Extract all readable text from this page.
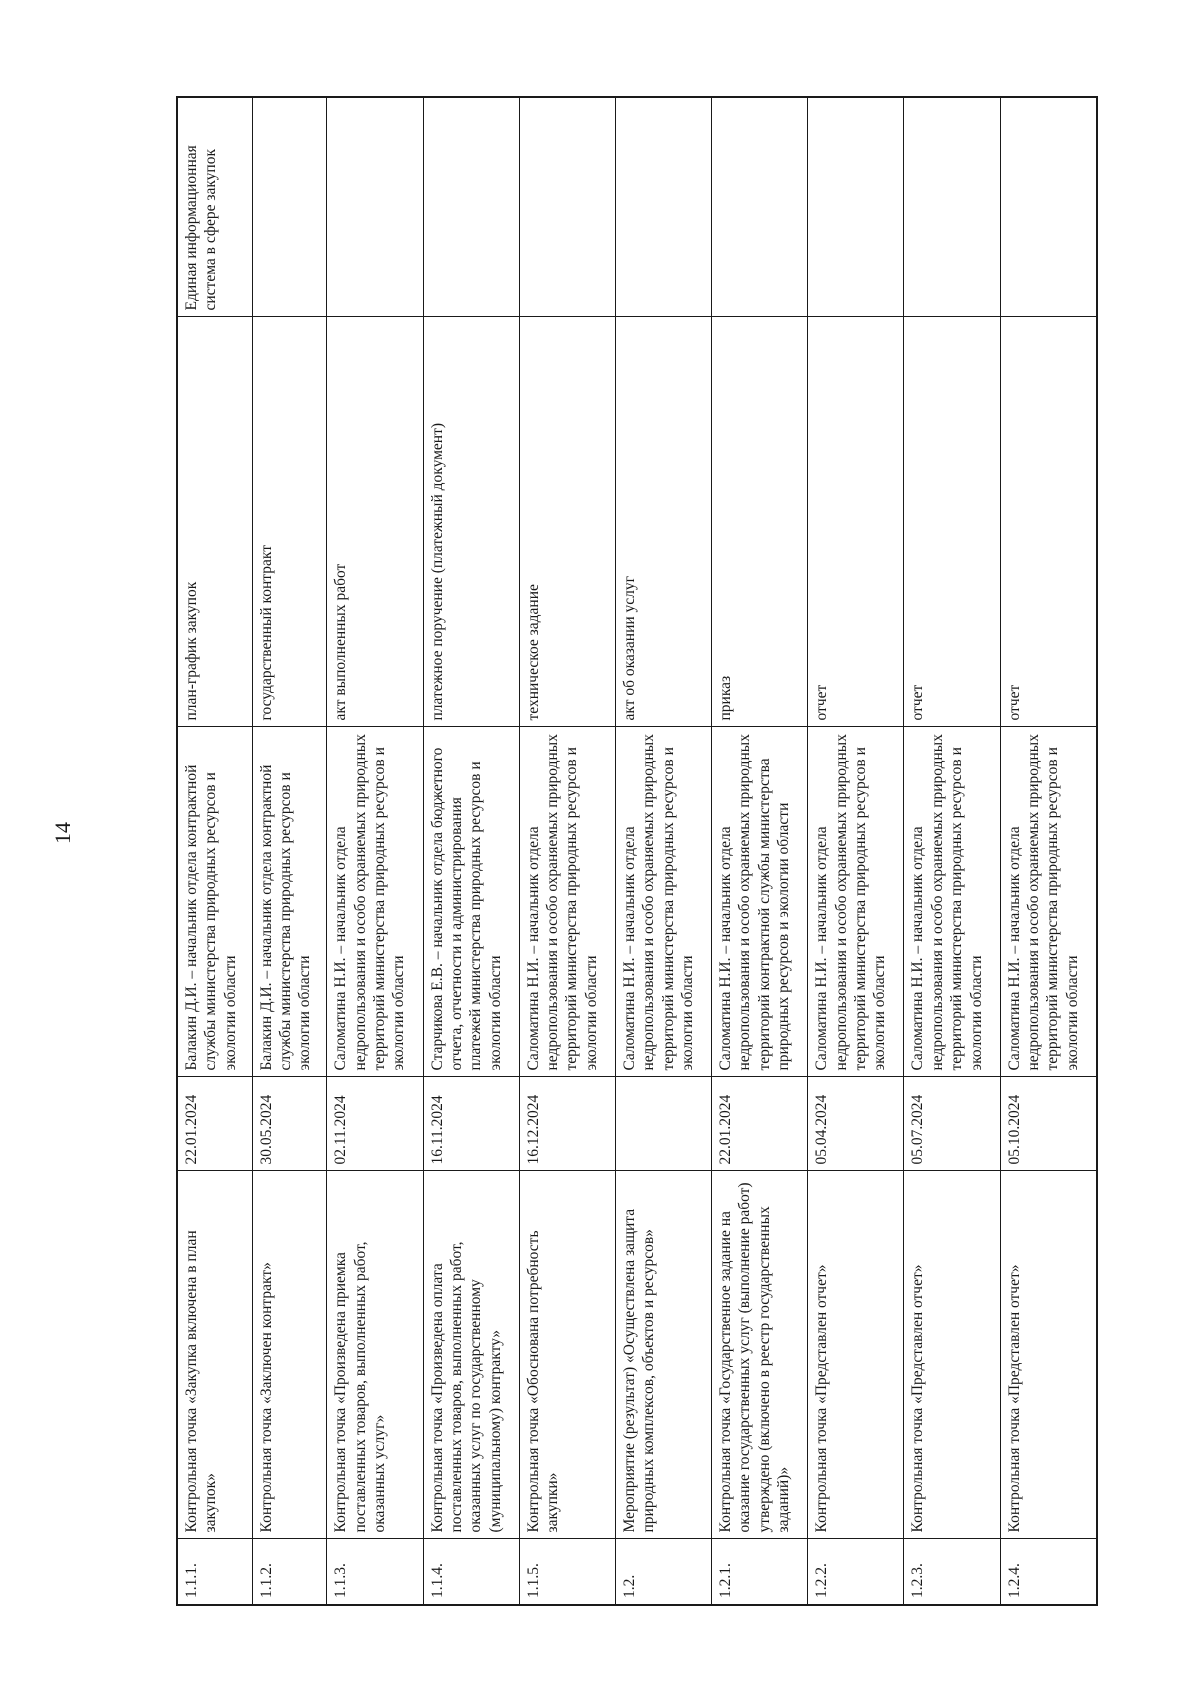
14
1.1.1.	Контрольная точка «Закупка включена в план закупок»	22.01.2024	Балакин Д.И. – начальник отдела контрактной службы министерства природных ресурсов и экологии области	план-график закупок	Единая информационная система в сфере закупок
1.1.2.	Контрольная точка «Заключен контракт»	30.05.2024	Балакин Д.И. – начальник отдела контрактной службы министерства природных ресурсов и экологии области	государственный контракт	
1.1.3.	Контрольная точка «Произведена приемка поставленных товаров, выполненных работ, оказанных услуг»	02.11.2024	Саломатина Н.И. – начальник отдела недропользования и особо охраняемых природных территорий министерства природных ресурсов и экологии области	акт выполненных работ	
1.1.4.	Контрольная точка «Произведена оплата поставленных товаров, выполненных работ, оказанных услуг по государственному (муниципальному) контракту»	16.11.2024	Старчикова Е.В. – начальник отдела бюджетного отчета, отчетности и администрирования платежей министерства природных ресурсов и экологии области	платежное поручение (платежный документ)	
1.1.5.	Контрольная точка «Обоснована потребность закупки»	16.12.2024	Саломатина Н.И. – начальник отдела недропользования и особо охраняемых природных территорий министерства природных ресурсов и экологии области	техническое задание	
1.2.	Мероприятие (результат) «Осуществлена защита природных комплексов, объектов и ресурсов»		Саломатина Н.И. – начальник отдела недропользования и особо охраняемых природных территорий министерства природных ресурсов и экологии области	акт об оказании услуг	
1.2.1.	Контрольная точка «Государственное задание на оказание государственных услуг (выполнение работ) утверждено (включено в реестр государственных заданий)»	22.01.2024	Саломатина Н.И. – начальник отдела недропользования и особо охраняемых природных территорий контрактной службы министерства природных ресурсов и экологии области	приказ	
1.2.2.	Контрольная точка «Представлен отчет»	05.04.2024	Саломатина Н.И. – начальник отдела недропользования и особо охраняемых природных территорий министерства природных ресурсов и экологии области	отчет	
1.2.3.	Контрольная точка «Представлен отчет»	05.07.2024	Саломатина Н.И. – начальник отдела недропользования и особо охраняемых природных территорий министерства природных ресурсов и экологии области	отчет	
1.2.4.	Контрольная точка «Представлен отчет»	05.10.2024	Саломатина Н.И. – начальник отдела недропользования и особо охраняемых природных территорий министерства природных ресурсов и экологии области	отчет	
